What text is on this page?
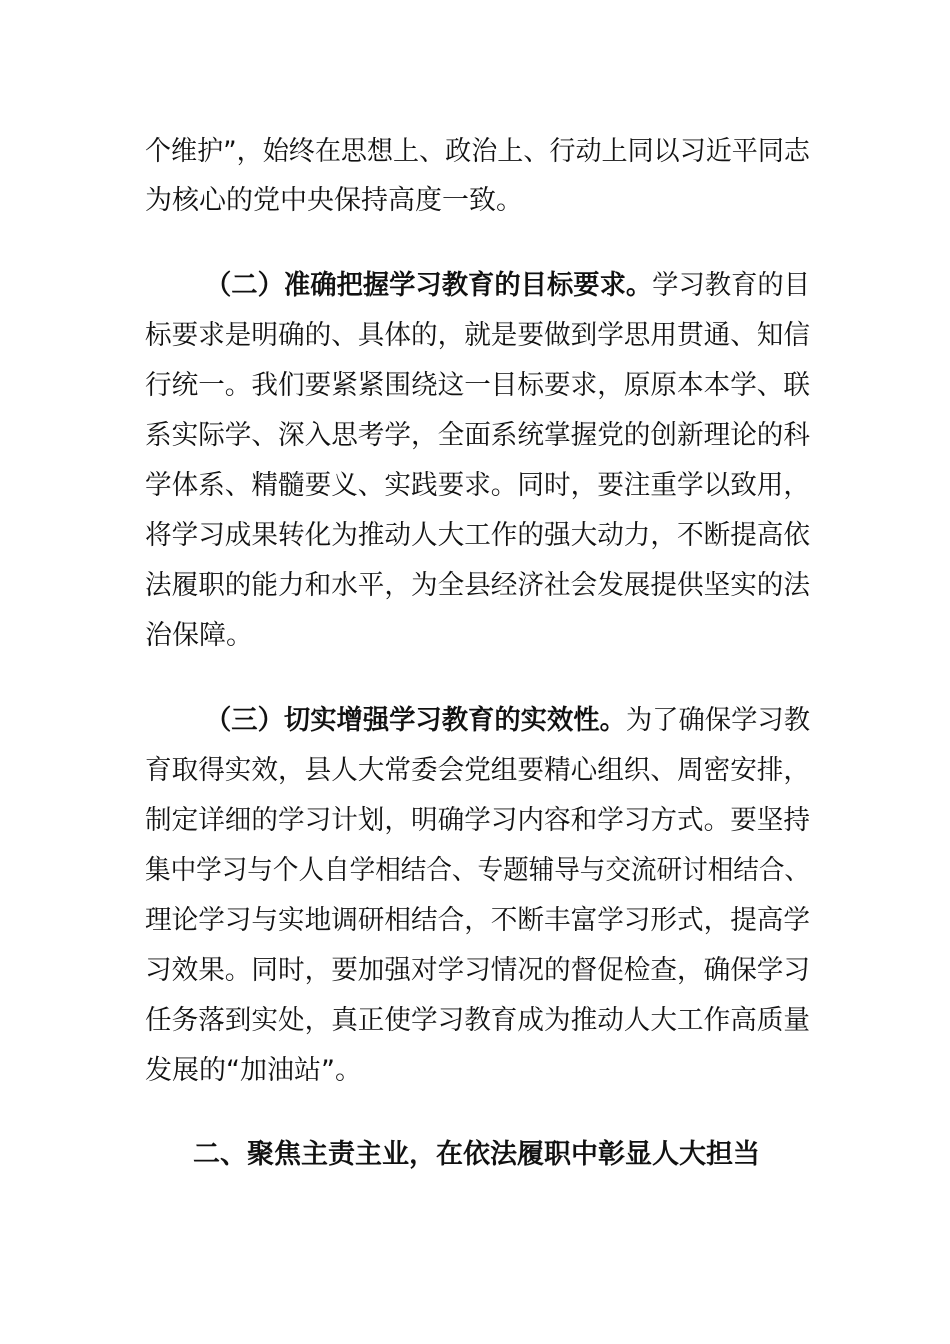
个维护”，始终在思想上、政治上、行动上同以习近平同志
为核心的党中央保持高度一致。
（二）准确把握学习教育的目标要求。学习教育的目
标要求是明确的、具体的，就是要做到学思用贯通、知信
行统一。我们要紧紧围绕这一目标要求，原原本本学、联
系实际学、深入思考学，全面系统掌握党的创新理论的科
学体系、精髓要义、实践要求。同时，要注重学以致用，
将学习成果转化为推动人大工作的强大动力，不断提高依
法履职的能力和水平，为全县经济社会发展提供坚实的法
治保障。
（三）切实增强学习教育的实效性。为了确保学习教
育取得实效，县人大常委会党组要精心组织、周密安排，
制定详细的学习计划，明确学习内容和学习方式。要坚持
集中学习与个人自学相结合、专题辅导与交流研讨相结合、
理论学习与实地调研相结合，不断丰富学习形式，提高学
习效果。同时，要加强对学习情况的督促检查，确保学习
任务落到实处，真正使学习教育成为推动人大工作高质量
发展的“加油站”。
二、聚焦主责主业，在依法履职中彰显人大担当
